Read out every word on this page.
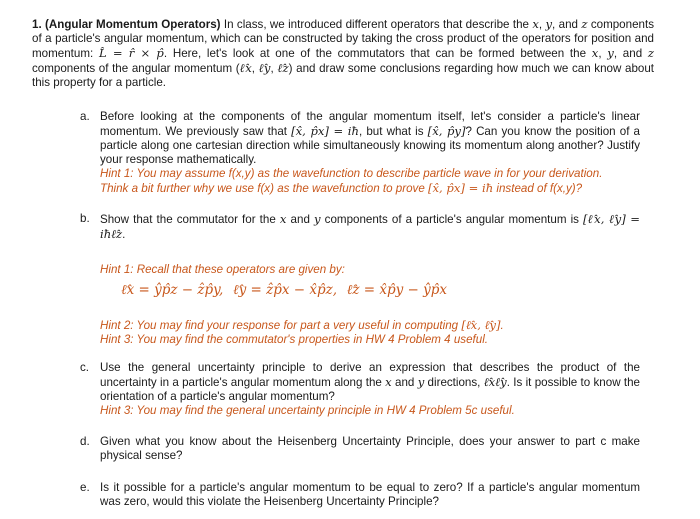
1. (Angular Momentum Operators) In class, we introduced different operators that describe the x, y, and z components of a particle's angular momentum, which can be constructed by taking the cross product of the operators for position and momentum: L̂ = r̂ × p̂. Here, let's look at one of the commutators that can be formed between the x, y, and z components of the angular momentum (ℓ̂x, ℓ̂y, ℓ̂z) and draw some conclusions regarding how much we can know about this property for a particle.
a. Before looking at the components of the angular momentum itself, let's consider a particle's linear momentum. We previously saw that [x̂, p̂x] = iħ, but what is [x̂, p̂y]? Can you know the position of a particle along one cartesian direction while simultaneously knowing its momentum along another? Justify your response mathematically.
Hint 1: You may assume f(x,y) as the wavefunction to describe particle wave in for your derivation.
Think a bit further why we use f(x) as the wavefunction to prove [x̂, p̂x] = iħ instead of f(x,y)?
b. Show that the commutator for the x and y components of a particle's angular momentum is [ℓ̂x, ℓ̂y] = iħℓ̂z.
Hint 1: Recall that these operators are given by:
ℓ̂x = ŷp̂z − ẑp̂y, ℓ̂y = ẑp̂x − x̂p̂z, ℓ̂z = x̂p̂y − ŷp̂x
Hint 2: You may find your response for part a very useful in computing [ℓ̂x, ℓ̂y].
Hint 3: You may find the commutator's properties in HW 4 Problem 4 useful.
c. Use the general uncertainty principle to derive an expression that describes the product of the uncertainty in a particle's angular momentum along the x and y directions, ℓ̂xℓ̂y. Is it possible to know the orientation of a particle's angular momentum?
Hint 3: You may find the general uncertainty principle in HW 4 Problem 5c useful.
d. Given what you know about the Heisenberg Uncertainty Principle, does your answer to part c make physical sense?
e. Is it possible for a particle's angular momentum to be equal to zero? If a particle's angular momentum was zero, would this violate the Heisenberg Uncertainty Principle?
